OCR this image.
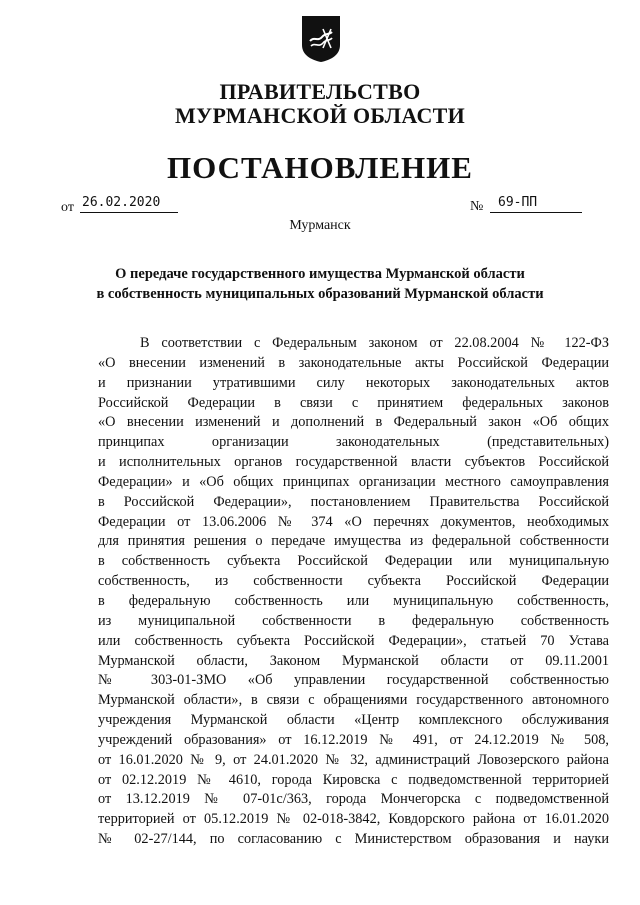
ПРАВИТЕЛЬСТВО
МУРМАНСКОЙ ОБЛАСТИ
ПОСТАНОВЛЕНИЕ
от 26.02.2020	№	69-ПП
Мурманск
О передаче государственного имущества Мурманской области
в собственность муниципальных образований Мурманской области
В соответствии с Федеральным законом от 22.08.2004 № 122-ФЗ
«О внесении изменений в законодательные акты Российской Федерации
и признании утратившими силу некоторых законодательных актов
Российской Федерации в связи с принятием федеральных законов
«О внесении изменений и дополнений в Федеральный закон «Об общих
принципах организации законодательных (представительных)
и исполнительных органов государственной власти субъектов Российской
Федерации» и «Об общих принципах организации местного самоуправления
в Российской Федерации», постановлением Правительства Российской
Федерации от 13.06.2006 № 374 «О перечнях документов, необходимых
для принятия решения о передаче имущества из федеральной собственности
в собственность субъекта Российской Федерации или муниципальную
собственность, из собственности субъекта Российской Федерации
в федеральную собственность или муниципальную собственность,
из муниципальной собственности в федеральную собственность
или собственность субъекта Российской Федерации», статьей 70 Устава
Мурманской области, Законом Мурманской области от 09.11.2001
№ 303-01-ЗМО «Об управлении государственной собственностью
Мурманской области», в связи с обращениями государственного автономного
учреждения Мурманской области «Центр комплексного обслуживания
учреждений образования» от 16.12.2019 № 491, от 24.12.2019 № 508,
от 16.01.2020 № 9, от 24.01.2020 № 32, администраций Ловозерского района
от 02.12.2019 № 4610, города Кировска с подведомственной территорией
от 13.12.2019 № 07-01с/363, города Мончегорска с подведомственной
территорией от 05.12.2019 № 02-018-3842, Ковдорского района от 16.01.2020
№ 02-27/144, по согласованию с Министерством образования и науки
